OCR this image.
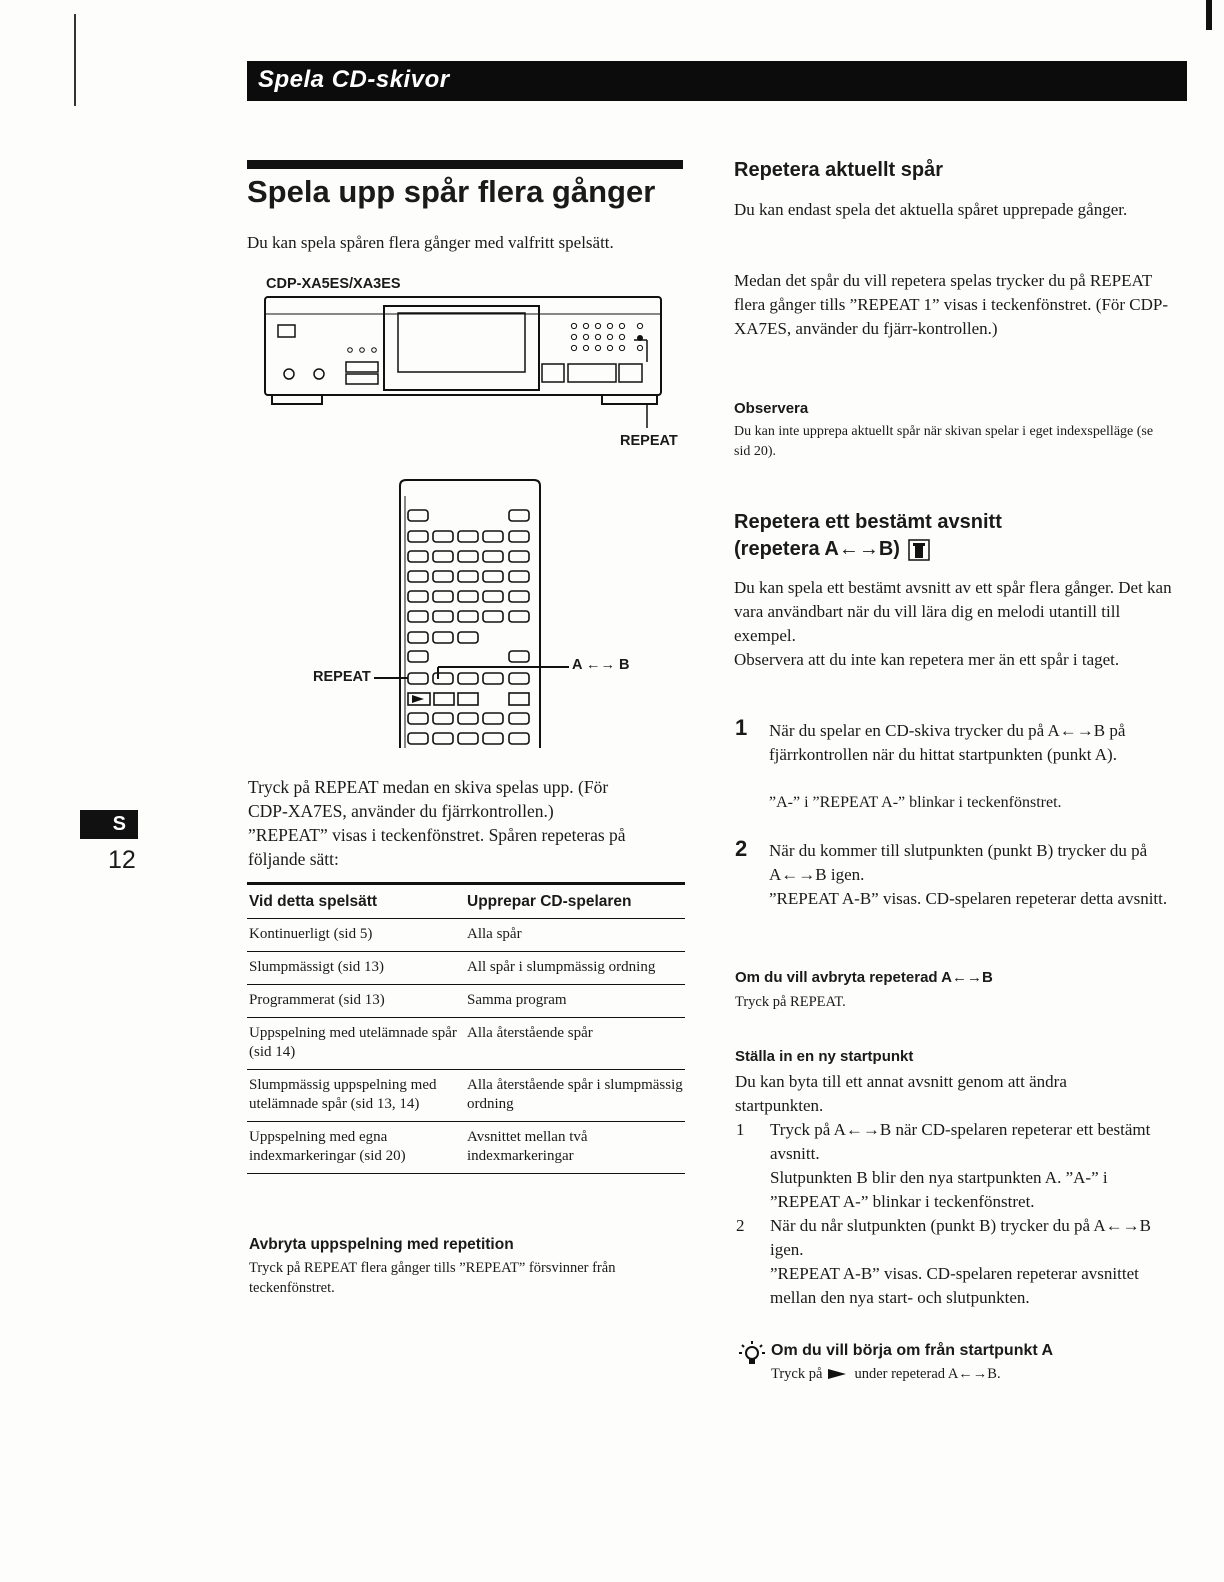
Spela CD-skivor
Spela upp spår flera gånger
Du kan spela spåren flera gånger med valfritt spelsätt.
CDP-XA5ES/XA3ES
REPEAT
REPEAT
A ←→ B
Tryck på REPEAT medan en skiva spelas upp. (För
CDP-XA7ES, använder du fjärrkontrollen.)
”REPEAT” visas i teckenfönstret. Spåren repeteras på
följande sätt:
Vid detta spelsätt	Upprepar CD-spelaren
Kontinuerligt (sid 5)	Alla spår
Slumpmässigt (sid 13)	All spår i slumpmässig ordning
Programmerat (sid 13)	Samma program
Uppspelning med utelämnade spår (sid 14)	Alla återstående spår
Slumpmässig uppspelning med utelämnade spår (sid 13, 14)	Alla återstående spår i slumpmässig ordning
Uppspelning med egna indexmarkeringar (sid 20)	Avsnittet mellan två indexmarkeringar
Avbryta uppspelning med repetition
Tryck på REPEAT flera gånger tills ”REPEAT” försvinner från teckenfönstret.
Repetera aktuellt spår
Du kan endast spela det aktuella spåret upprepade gånger.
Medan det spår du vill repetera spelas trycker du på REPEAT flera gånger tills ”REPEAT 1” visas i teckenfönstret. (För CDP-XA7ES, använder du fjärr-kontrollen.)
Observera
Du kan inte upprepa aktuellt spår när skivan spelar i eget indexspelläge (se sid 20).
Repetera ett bestämt avsnitt
(repetera A←→B)
Du kan spela ett bestämt avsnitt av ett spår flera gånger. Det kan vara användbart när du vill lära dig en melodi utantill till exempel.
Observera att du inte kan repetera mer än ett spår i taget.
1 När du spelar en CD-skiva trycker du på A←→B på fjärrkontrollen när du hittat startpunkten (punkt A).
”A-” i ”REPEAT A-” blinkar i teckenfönstret.
2 När du kommer till slutpunkten (punkt B) trycker du på A←→B igen.
”REPEAT A-B” visas. CD-spelaren repeterar detta avsnitt.
Om du vill avbryta repeterad A←→B
Tryck på REPEAT.
Ställa in en ny startpunkt
Du kan byta till ett annat avsnitt genom att ändra startpunkten.
1 Tryck på A←→B när CD-spelaren repeterar ett bestämt avsnitt.
Slutpunkten B blir den nya startpunkten A. ”A-” i ”REPEAT A-” blinkar i teckenfönstret.
2 När du når slutpunkten (punkt B) trycker du på A←→B igen.
”REPEAT A-B” visas. CD-spelaren repeterar avsnittet mellan den nya start- och slutpunkten.
Om du vill börja om från startpunkt A
Tryck på under repeterad A←→B.
S
12
